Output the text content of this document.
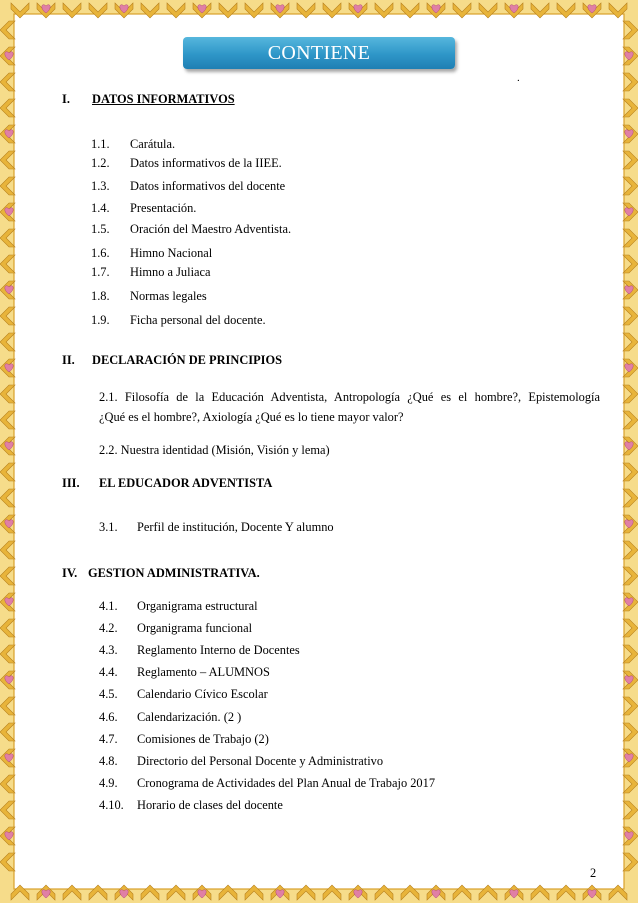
CONTIENE
.
I. DATOS INFORMATIVOS
1.1. Carátula.
1.2. Datos informativos de la IIEE.
1.3. Datos informativos del docente
1.4. Presentación.
1.5. Oración del Maestro Adventista.
1.6. Himno Nacional
1.7. Himno a Juliaca
1.8. Normas legales
1.9. Ficha personal del docente.
II. DECLARACIÓN DE PRINCIPIOS
2.1. Filosofía de la Educación Adventista, Antropología ¿Qué es el hombre?, Epistemología
¿Qué es el hombre?, Axiología ¿Qué es lo tiene mayor valor?
2.2. Nuestra identidad (Misión, Visión y lema)
III. EL EDUCADOR ADVENTISTA
3.1. Perfil de institución, Docente Y alumno
IV. GESTION ADMINISTRATIVA.
4.1. Organigrama estructural
4.2. Organigrama funcional
4.3. Reglamento Interno de Docentes
4.4. Reglamento – ALUMNOS
4.5. Calendario Cívico Escolar
4.6. Calendarización. (2 )
4.7. Comisiones de Trabajo (2)
4.8. Directorio del Personal Docente y Administrativo
4.9. Cronograma de Actividades del Plan Anual de Trabajo 2017
4.10. Horario de clases del docente
2
